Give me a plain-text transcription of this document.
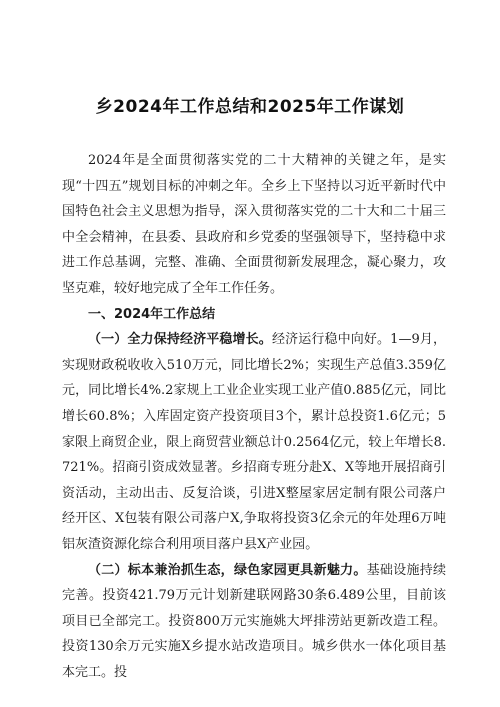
乡2024年工作总结和2025年工作谋划

2024年是全面贯彻落实党的二十大精神的关键之年，是实现“十四五”规划目标的冲刺之年。全乡上下坚持以习近平新时代中国特色社会主义思想为指导，深入贯彻落实党的二十大和二十届三中全会精神，在县委、县政府和乡党委的坚强领导下，坚持稳中求进工作总基调，完整、准确、全面贯彻新发展理念，凝心聚力，攻坚克难，较好地完成了全年工作任务。

一、2024年工作总结

（一）全力保持经济平稳增长。经济运行稳中向好。1—9月，实现财政税收收入510万元，同比增长2%；实现生产总值3.359亿元，同比增长4%.2家规上工业企业实现工业产值0.885亿元，同比增长60.8%；入库固定资产投资项目3个，累计总投资1.6亿元；5家限上商贸企业，限上商贸营业额总计0.2564亿元，较上年增长8.721%。招商引资成效显著。乡招商专班分赴X、X等地开展招商引资活动，主动出击、反复洽谈，引进X整屋家居定制有限公司落户经开区、X包装有限公司落户X,争取将投资3亿余元的年处理6万吨铝灰渣资源化综合利用项目落户县X产业园。

（二）标本兼治抓生态，绿色家园更具新魅力。基础设施持续完善。投资421.79万元计划新建联网路30条6.489公里，目前该项目已全部完工。投资800万元实施姚大坪排涝站更新改造工程。投资130余万元实施X乡提水站改造项目。城乡供水一体化项目基本完工。投
